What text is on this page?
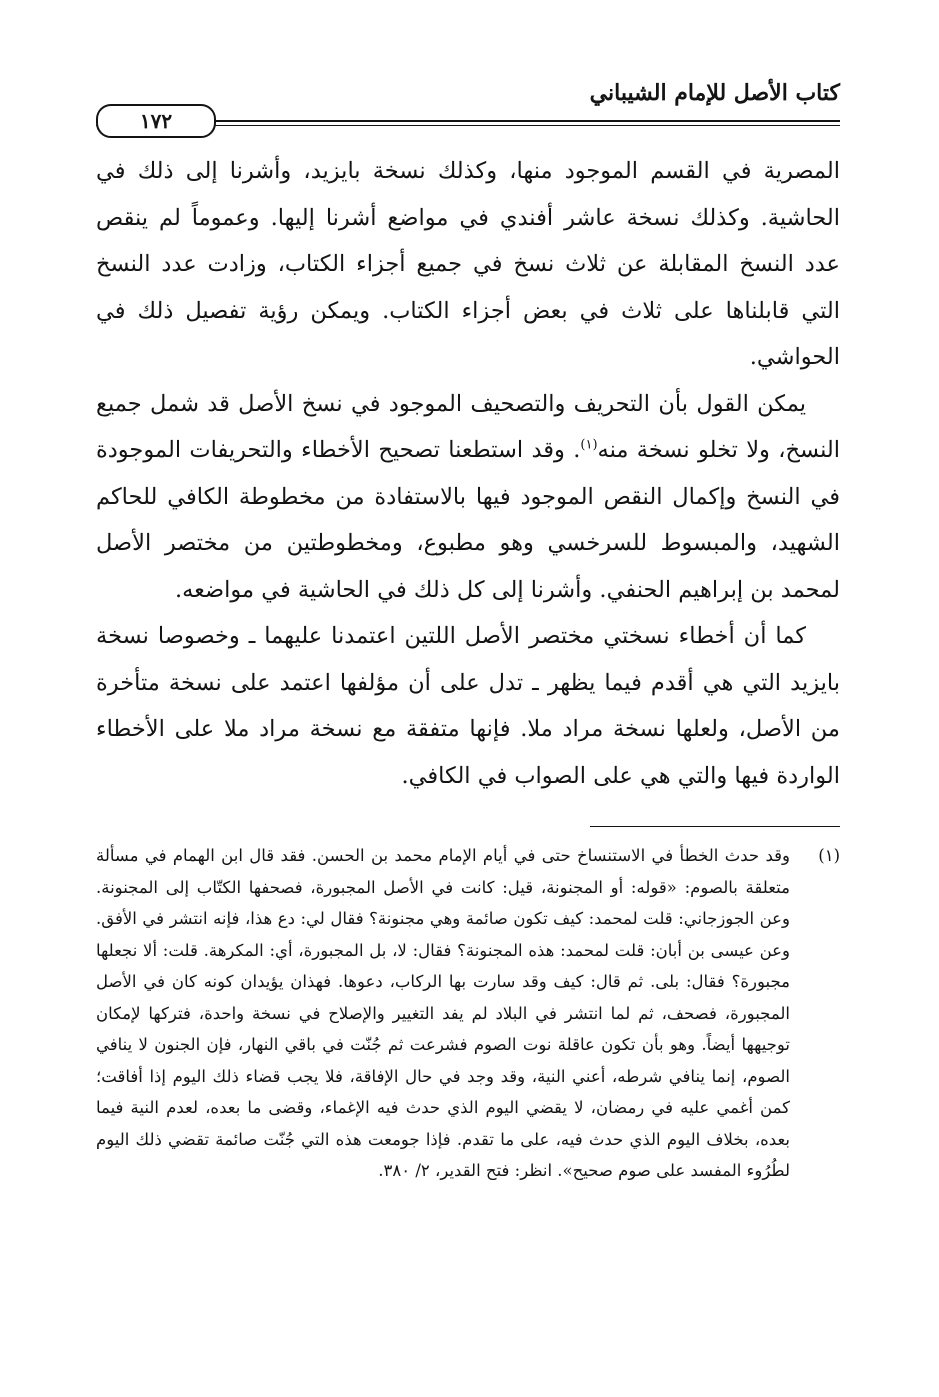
كتاب الأصل للإمام الشيباني
١٧٢

المصرية في القسم الموجود منها، وكذلك نسخة بايزيد، وأشرنا إلى ذلك في الحاشية. وكذلك نسخة عاشر أفندي في مواضع أشرنا إليها. وعموماً لم ينقص عدد النسخ المقابلة عن ثلاث نسخ في جميع أجزاء الكتاب، وزادت عدد النسخ التي قابلناها على ثلاث في بعض أجزاء الكتاب. ويمكن رؤية تفصيل ذلك في الحواشي.

يمكن القول بأن التحريف والتصحيف الموجود في نسخ الأصل قد شمل جميع النسخ، ولا تخلو نسخة منه$^{(١)}$. وقد استطعنا تصحيح الأخطاء والتحريفات الموجودة في النسخ وإكمال النقص الموجود فيها بالاستفادة من مخطوطة الكافي للحاكم الشهيد، والمبسوط للسرخسي وهو مطبوع، ومخطوطتين من مختصر الأصل لمحمد بن إبراهيم الحنفي. وأشرنا إلى كل ذلك في الحاشية في مواضعه.

كما أن أخطاء نسختي مختصر الأصل اللتين اعتمدنا عليهما ـ وخصوصا نسخة بايزيد التي هي أقدم فيما يظهر ـ تدل على أن مؤلفها اعتمد على نسخة متأخرة من الأصل، ولعلها نسخة مراد ملا. فإنها متفقة مع نسخة مراد ملا على الأخطاء الواردة فيها والتي هي على الصواب في الكافي.

(١)
وقد حدث الخطأ في الاستنساخ حتى في أيام الإمام محمد بن الحسن. فقد قال ابن الهمام في مسألة متعلقة بالصوم: «قوله: أو المجنونة، قيل: كانت في الأصل المجبورة، فصحفها الكتّاب إلى المجنونة. وعن الجوزجاني: قلت لمحمد: كيف تكون صائمة وهي مجنونة؟ فقال لي: دع هذا، فإنه انتشر في الأفق. وعن عيسى بن أبان: قلت لمحمد: هذه المجنونة؟ فقال: لا، بل المجبورة، أي: المكرهة. قلت: ألا نجعلها مجبورة؟ فقال: بلى. ثم قال: كيف وقد سارت بها الركاب، دعوها. فهذان يؤيدان كونه كان في الأصل المجبورة، فصحف، ثم لما انتشر في البلاد لم يفد التغيير والإصلاح في نسخة واحدة، فتركها لإمكان توجيهها أيضاً. وهو بأن تكون عاقلة نوت الصوم فشرعت ثم جُنّت في باقي النهار، فإن الجنون لا ينافي الصوم، إنما ينافي شرطه، أعني النية، وقد وجد في حال الإفاقة، فلا يجب قضاء ذلك اليوم إذا أفاقت؛ كمن أغمي عليه في رمضان، لا يقضي اليوم الذي حدث فيه الإغماء، وقضى ما بعده، لعدم النية فيما بعده، بخلاف اليوم الذي حدث فيه، على ما تقدم. فإذا جومعت هذه التي جُنّت صائمة تقضي ذلك اليوم لطُرُوء المفسد على صوم صحيح». انظر: فتح القدير، ٢/ ٣٨٠.
